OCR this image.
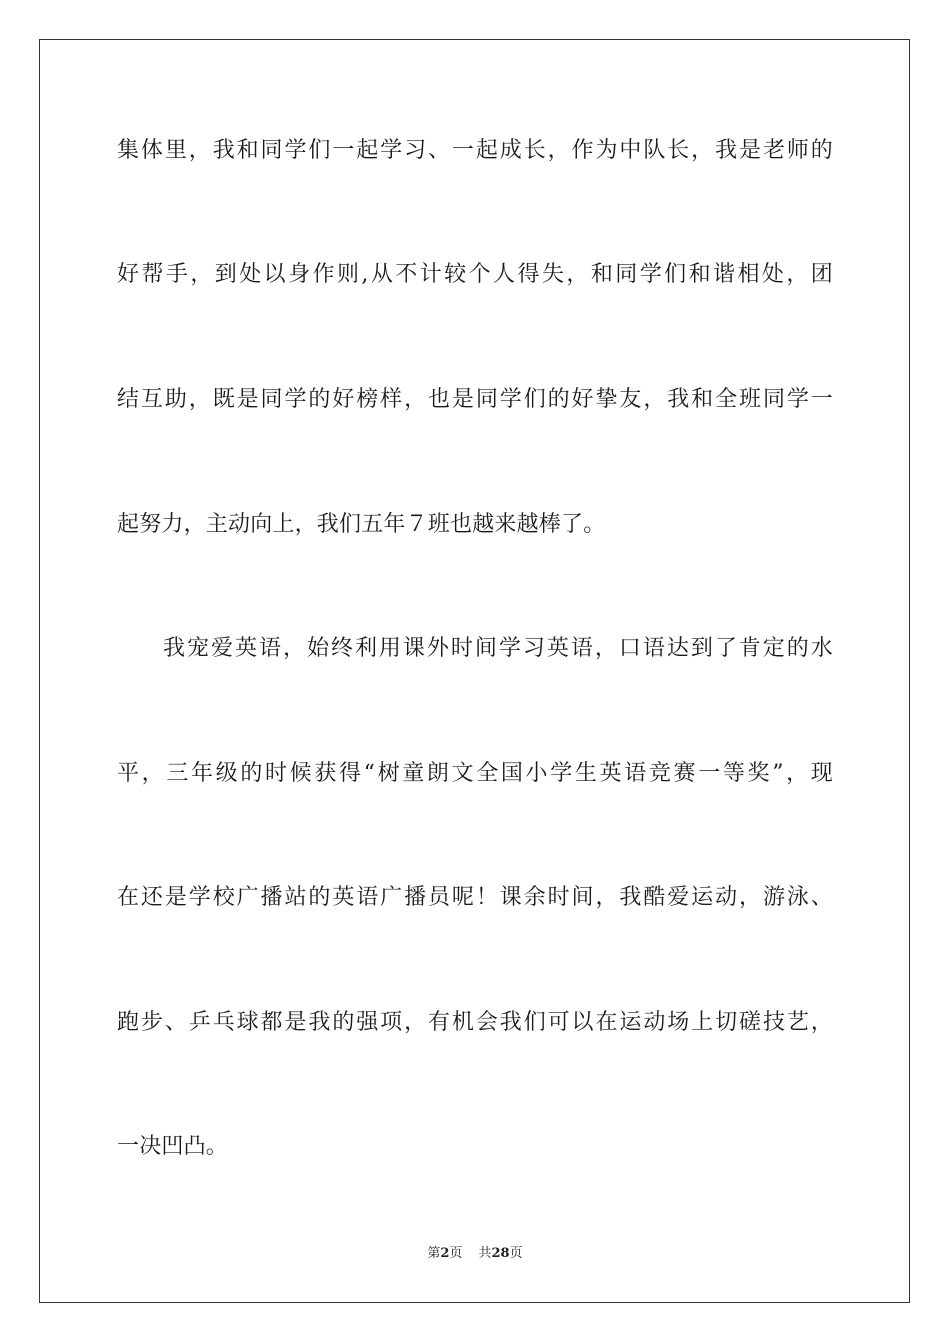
集体里，我和同学们一起学习、一起成长，作为中队长，我是老师的
好帮手，到处以身作则,从不计较个人得失，和同学们和谐相处，团
结互助，既是同学的好榜样，也是同学们的好挚友，我和全班同学一
起努力，主动向上，我们五年７班也越来越棒了。
我宠爱英语，始终利用课外时间学习英语，口语达到了肯定的水
平，三年级的时候获得“树童朗文全国小学生英语竞赛一等奖”，现
在还是学校广播站的英语广播员呢！课余时间，我酷爱运动，游泳、
跑步、乒乓球都是我的强项，有机会我们可以在运动场上切磋技艺，
一决凹凸。
第2页 共28页
